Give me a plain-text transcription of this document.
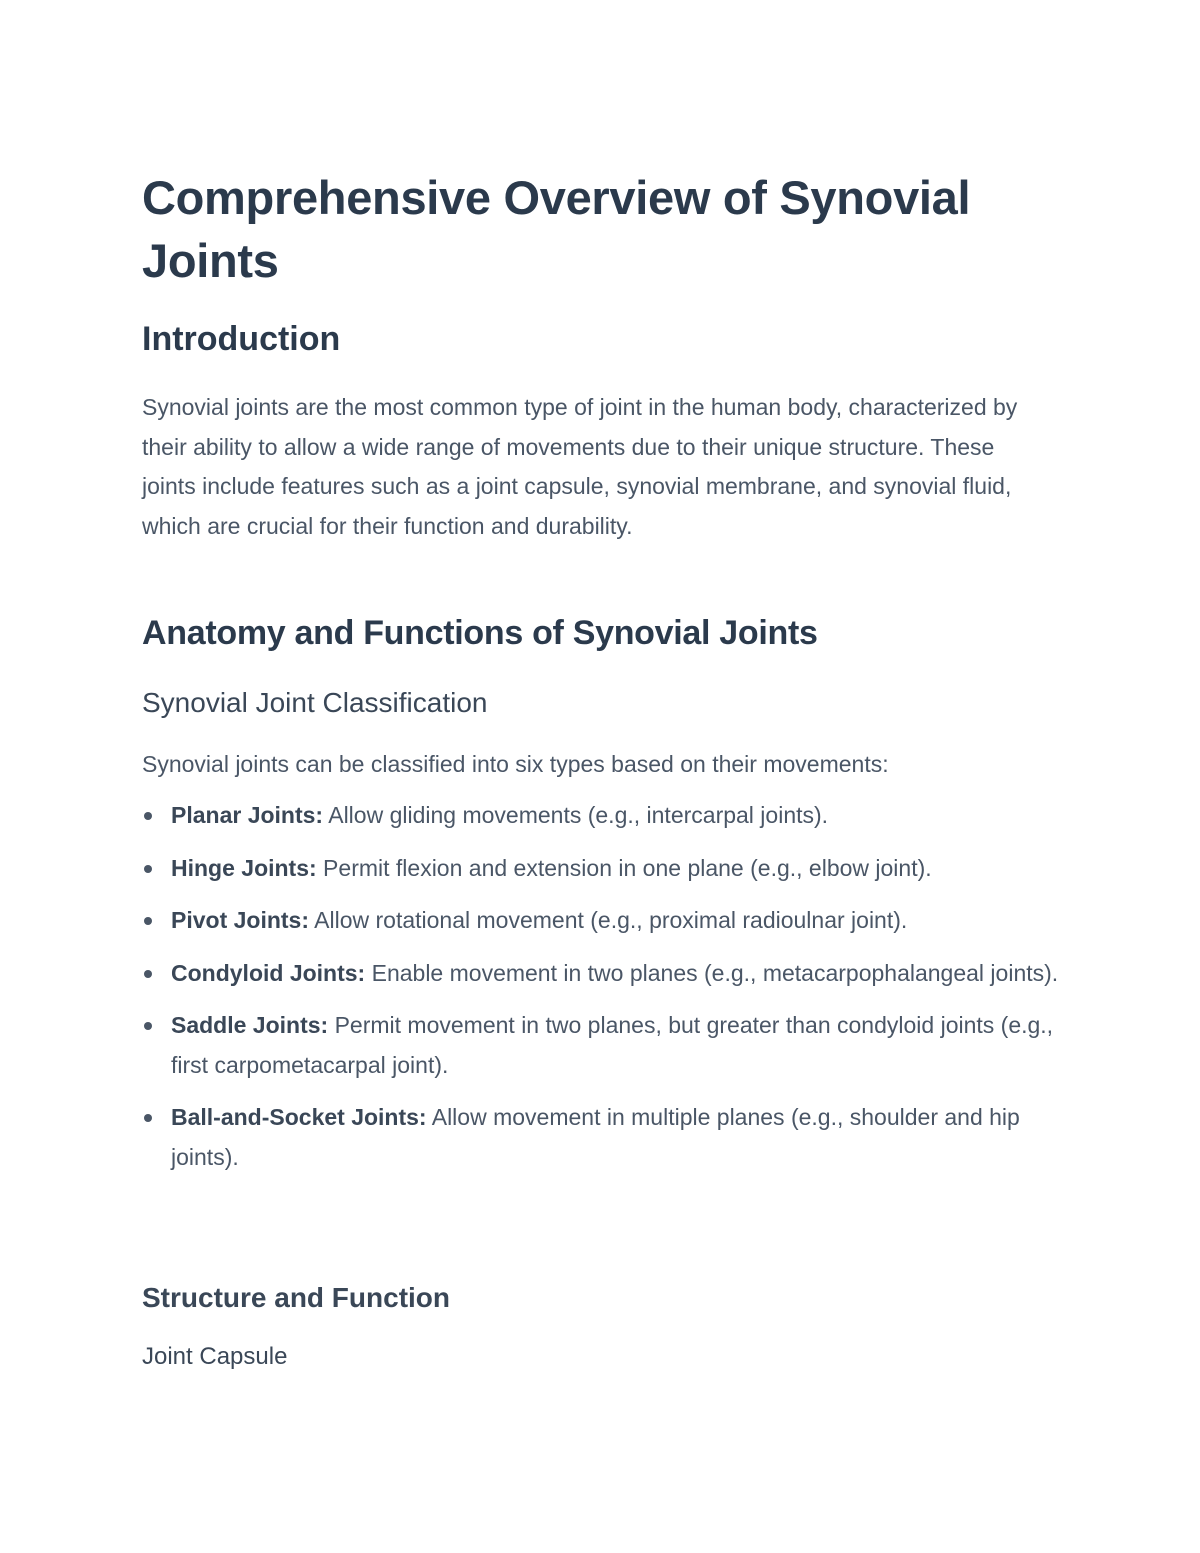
Comprehensive Overview of Synovial Joints
Introduction

Synovial joints are the most common type of joint in the human body, characterized by their ability to allow a wide range of movements due to their unique structure. These joints include features such as a joint capsule, synovial membrane, and synovial fluid, which are crucial for their function and durability.

Anatomy and Functions of Synovial Joints
Synovial Joint Classification

Synovial joints can be classified into six types based on their movements:

Planar Joints: Allow gliding movements (e.g., intercarpal joints).
Hinge Joints: Permit flexion and extension in one plane (e.g., elbow joint).
Pivot Joints: Allow rotational movement (e.g., proximal radioulnar joint).
Condyloid Joints: Enable movement in two planes (e.g., metacarpophalangeal joints).
Saddle Joints: Permit movement in two planes, but greater than condyloid joints (e.g., first carpometacarpal joint).
Ball-and-Socket Joints: Allow movement in multiple planes (e.g., shoulder and hip joints).
Structure and Function
Joint Capsule
